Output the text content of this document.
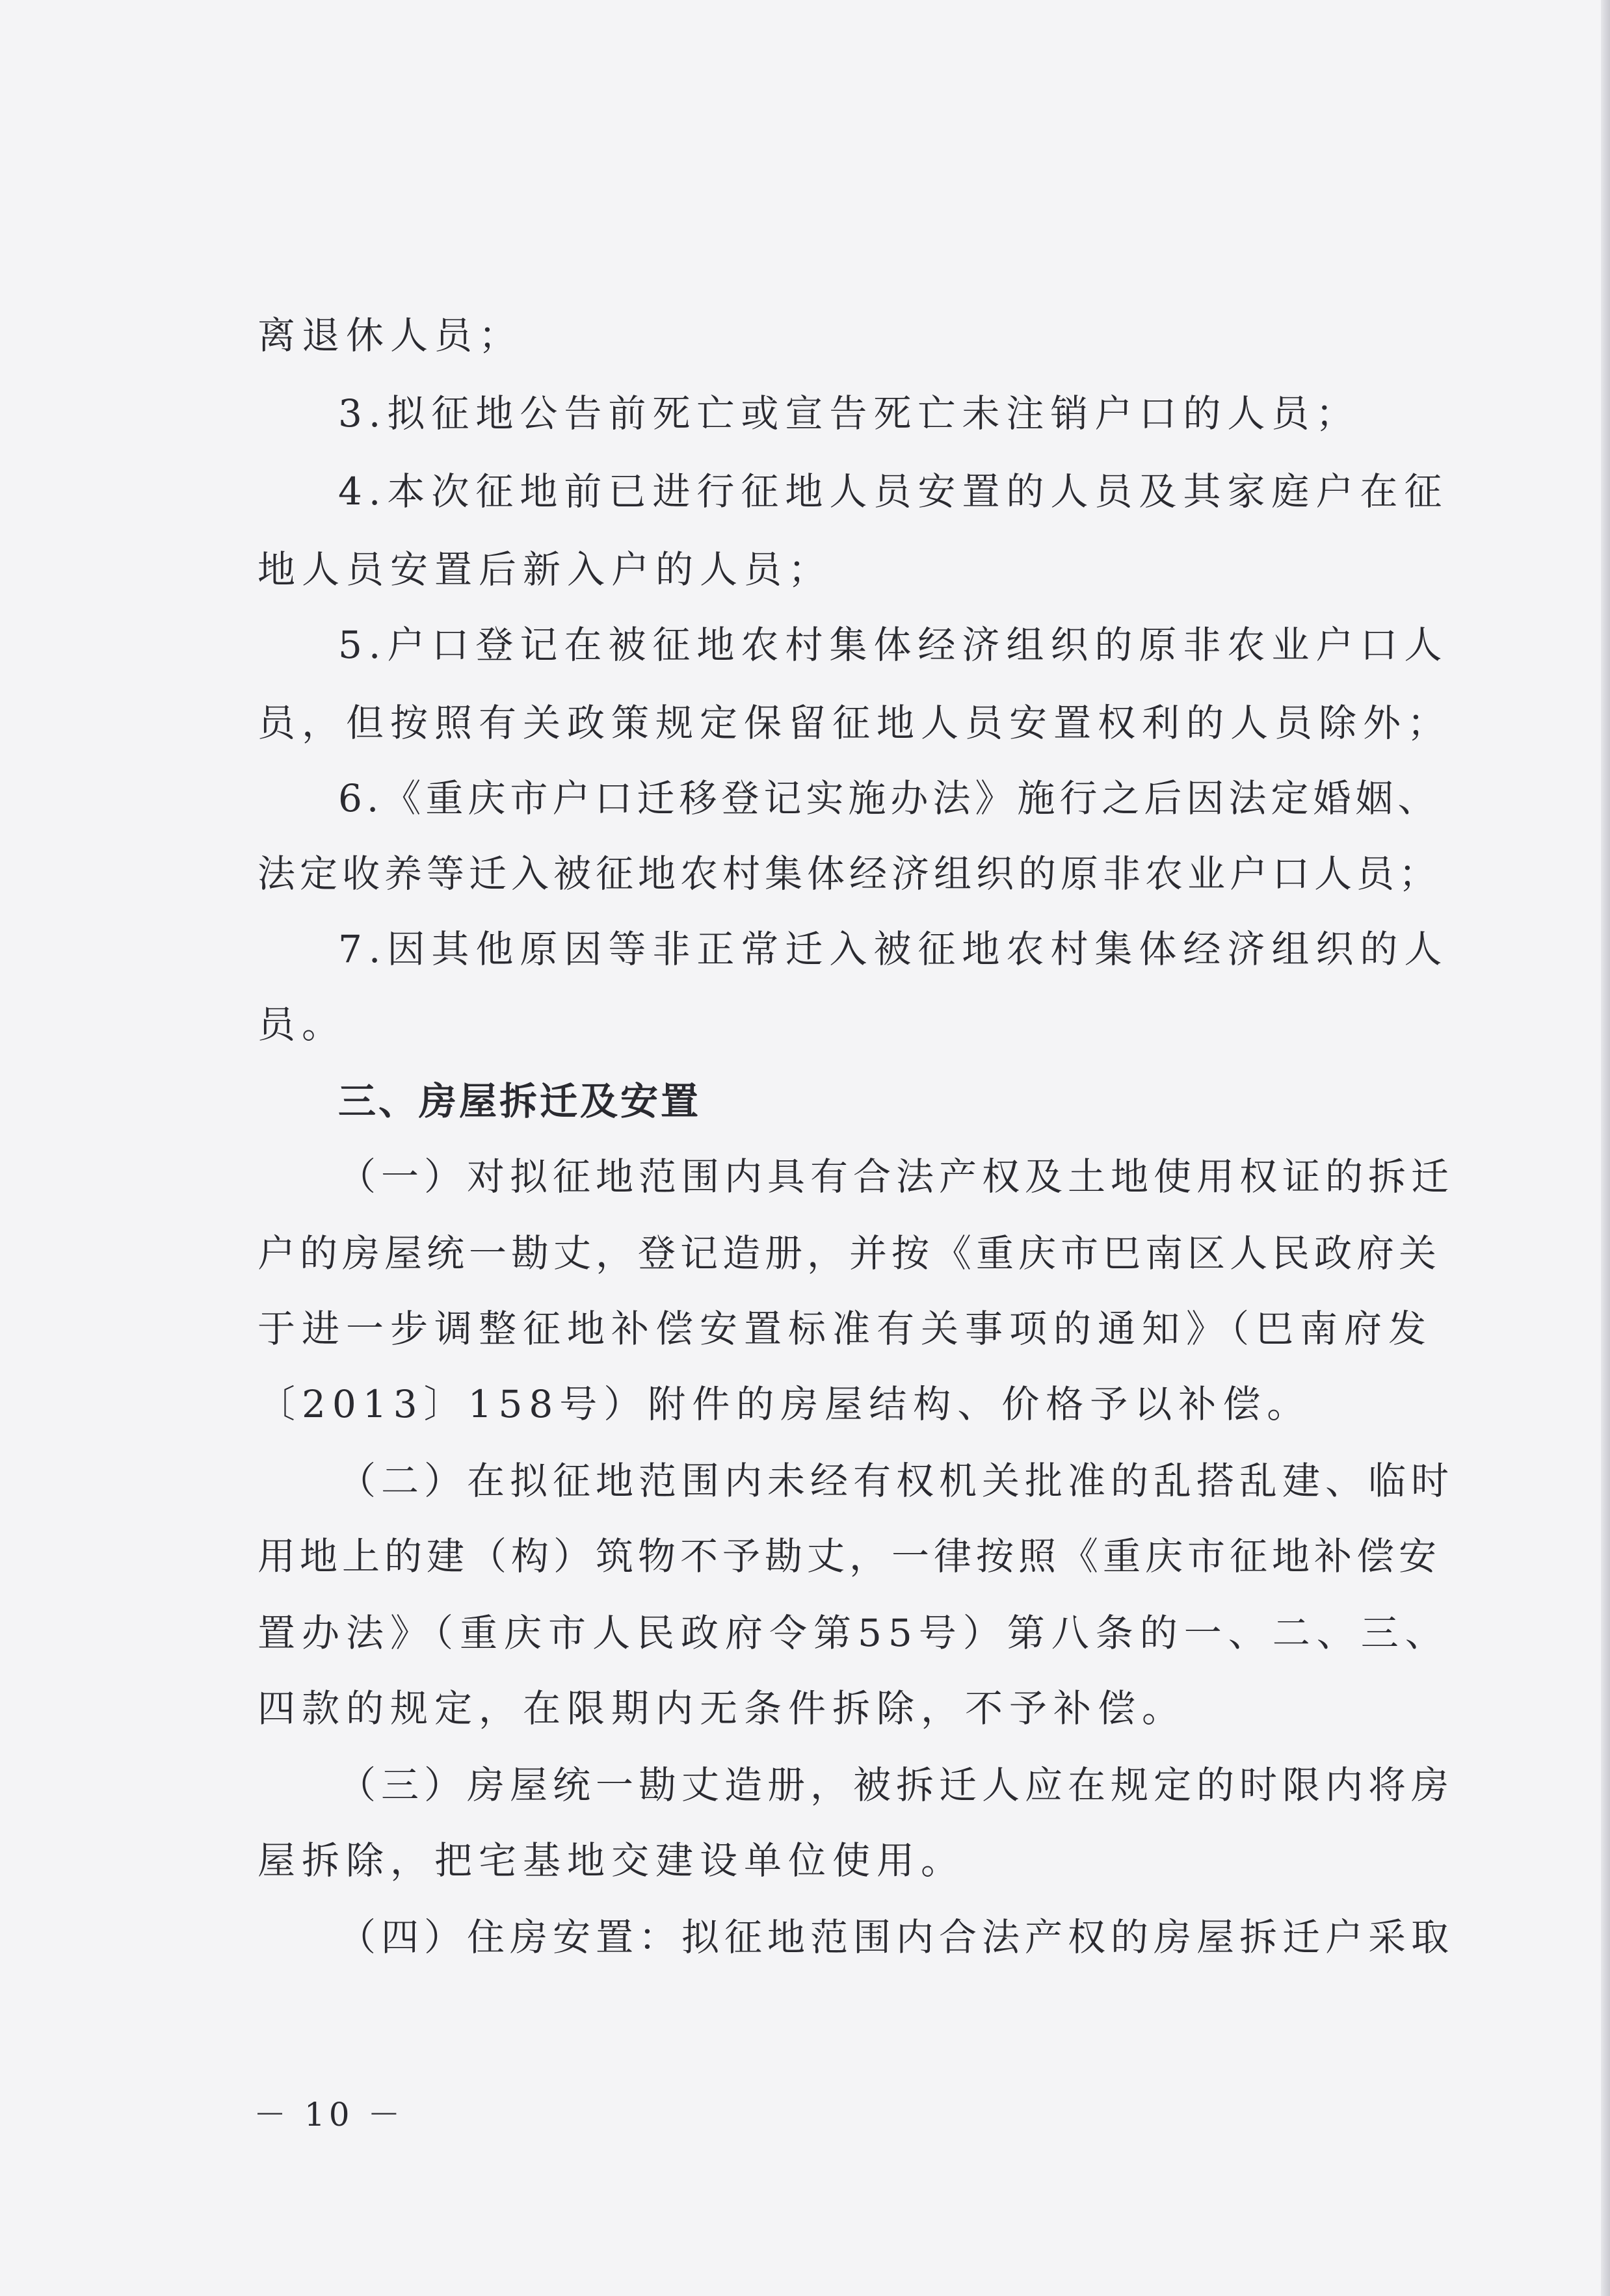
离退休人员；
3.拟征地公告前死亡或宣告死亡未注销户口的人员；
4.本次征地前已进行征地人员安置的人员及其家庭户在征
地人员安置后新入户的人员；
5.户口登记在被征地农村集体经济组织的原非农业户口人
员，但按照有关政策规定保留征地人员安置权利的人员除外；
6.《重庆市户口迁移登记实施办法》施行之后因法定婚姻、
法定收养等迁入被征地农村集体经济组织的原非农业户口人员；
7.因其他原因等非正常迁入被征地农村集体经济组织的人
员。
三、房屋拆迁及安置
（一）对拟征地范围内具有合法产权及土地使用权证的拆迁
户的房屋统一勘丈，登记造册，并按《重庆市巴南区人民政府关
于进一步调整征地补偿安置标准有关事项的通知》（巴南府发
〔2013〕158号）附件的房屋结构、价格予以补偿。
（二）在拟征地范围内未经有权机关批准的乱搭乱建、临时
用地上的建（构）筑物不予勘丈，一律按照《重庆市征地补偿安
置办法》（重庆市人民政府令第55号）第八条的一、二、三、
四款的规定，在限期内无条件拆除，不予补偿。
（三）房屋统一勘丈造册，被拆迁人应在规定的时限内将房
屋拆除，把宅基地交建设单位使用。
（四）住房安置：拟征地范围内合法产权的房屋拆迁户采取
－ 10 －
